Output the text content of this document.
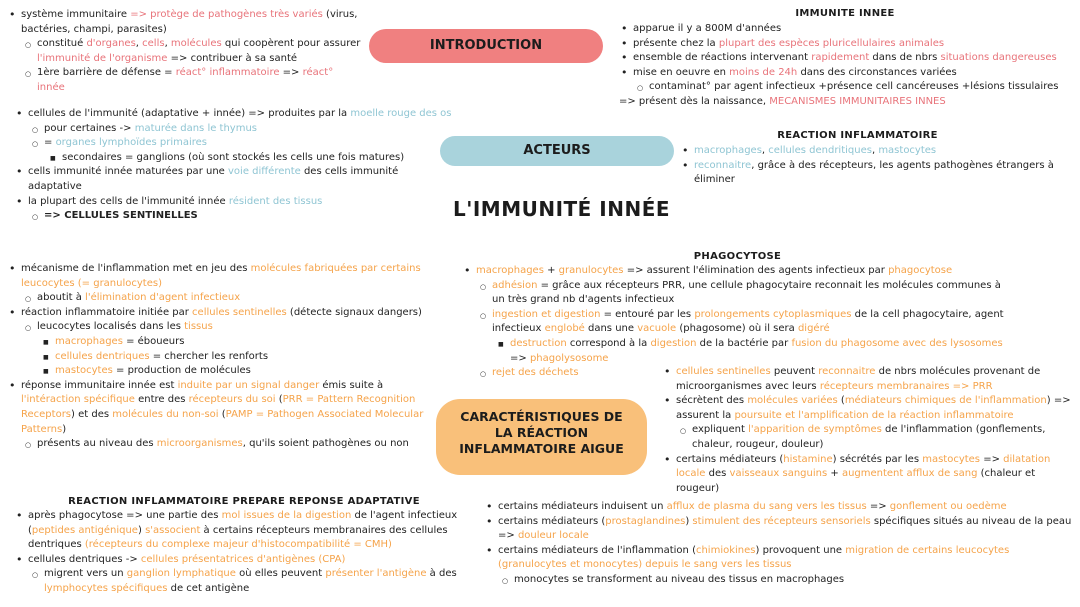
INTRODUCTION
ACTEURS
CARACTÉRISTIQUES DE
LA RÉACTION
INFLAMMATOIRE AIGUE
L'IMMUNITÉ INNÉE
IMMUNITE INNEE
REACTION INFLAMMATOIRE
PHAGOCYTOSE
REACTION INFLAMMATOIRE PREPARE REPONSE ADAPTATIVE
• système immunitaire => protège de pathogènes très variés (virus, bactéries, champi, parasites)
○ constitué d'organes, cells, molécules qui coopèrent pour assurer l'immunité de l'organisme => contribuer à sa santé
○ 1ère barrière de défense = réact° inflammatoire => réact° innée
• apparue il y a 800M d'années
• présente chez la plupart des espèces pluricellulaires animales
• ensemble de réactions intervenant rapidement dans de nbrs situations dangereuses
• mise en oeuvre en moins de 24h dans des circonstances variées
○ contaminat° par agent infectieux +présence cell cancéreuses +lésions tissulaires
=> présent dès la naissance, MECANISMES IMMUNITAIRES INNES
• cellules de l'immunité (adaptative + innée) => produites par la moelle rouge des os
○ pour certaines -> maturée dans le thymus
○ = organes lymphoïdes primaires
■ secondaires = ganglions (où sont stockés les cells une fois matures)
• cells immunité innée maturées par une voie différente des cells immunité adaptative
• la plupart des cells de l'immunité innée résident des tissus
○ => CELLULES SENTINELLES
• macrophages, cellules dendritiques, mastocytes
• reconnaitre, grâce à des récepteurs, les agents pathogènes étrangers à éliminer
• mécanisme de l'inflammation met en jeu des molécules fabriquées par certains leucocytes (= granulocytes)
○ aboutit à l'élimination d'agent infectieux
• réaction inflammatoire initiée par cellules sentinelles (détecte signaux dangers)
○ leucocytes localisés dans les tissus
■ macrophages = éboueurs
■ cellules dentriques = chercher les renforts
■ mastocytes = production de molécules
• réponse immunitaire innée est induite par un signal danger émis suite à l'intéraction spécifique entre des récepteurs du soi (PRR = Pattern Recognition Receptors) et des molécules du non-soi (PAMP = Pathogen Associated Molecular Patterns)
○ présents au niveau des microorganismes, qu'ils soient pathogènes ou non
• macrophages + granulocytes => assurent l'élimination des agents infectieux par phagocytose
○ adhésion = grâce aux récepteurs PRR, une cellule phagocytaire reconnait les molécules communes à un très grand nb d'agents infectieux
○ ingestion et digestion = entouré par les prolongements cytoplasmiques de la cell phagocytaire, agent infectieux englobé dans une vacuole (phagosome) où il sera digéré
■ destruction correspond à la digestion de la bactérie par fusion du phagosome avec des lysosomes => phagolysosome
○ rejet des déchets
•	cellules sentinelles peuvent reconnaitre de nbrs molécules provenant de microorganismes avec leurs récepteurs membranaires => PRR
• sécrètent des molécules variées (médiateurs chimiques de l'inflammation) => assurent la poursuite et l'amplification de la réaction inflammatoire
○ expliquent l'apparition de symptômes de l'inflammation (gonflements, chaleur, rougeur, douleur)
• certains médiateurs (histamine) sécrétés par les mastocytes => dilatation locale des vaisseaux sanguins + augmentent afflux de sang (chaleur et rougeur)
• après phagocytose => une partie des mol issues de la digestion de l'agent infectieux (peptides antigénique) s'associent à certains récepteurs membranaires des cellules dentriques (récepteurs du complexe majeur d'histocompatibilité = CMH)
• cellules dentriques -> cellules présentatrices d'antigènes (CPA)
○ migrent vers un ganglion lymphatique où elles peuvent présenter l'antigène à des lymphocytes spécifiques de cet antigène
• certains médiateurs induisent un afflux de plasma du sang vers les tissus => gonflement ou oedème
• certains médiateurs (prostaglandines) stimulent des récepteurs sensoriels spécifiques situés au niveau de la peau => douleur locale
• certains médiateurs de l'inflammation (chimiokines) provoquent une migration de certains leucocytes (granulocytes et monocytes) depuis le sang vers les tissus
○ monocytes se transforment au niveau des tissus en macrophages
